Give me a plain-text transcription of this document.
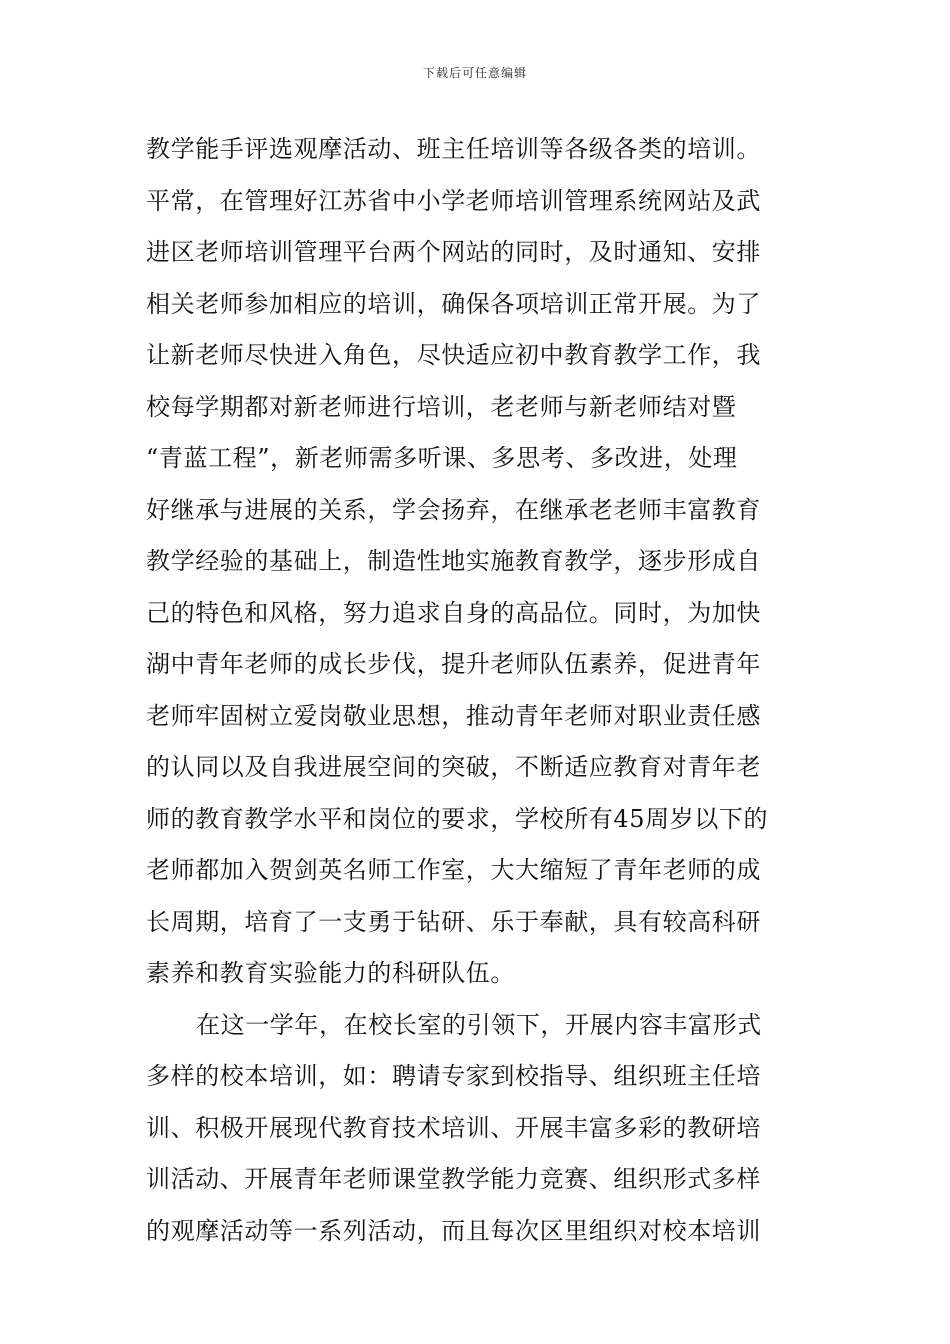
下载后可任意编辑
教学能手评选观摩活动、班主任培训等各级各类的培训。
平常，在管理好江苏省中小学老师培训管理系统网站及武
进区老师培训管理平台两个网站的同时，及时通知、安排
相关老师参加相应的培训，确保各项培训正常开展。为了
让新老师尽快进入角色，尽快适应初中教育教学工作，我
校每学期都对新老师进行培训，老老师与新老师结对暨
“青蓝工程”，新老师需多听课、多思考、多改进，处理
好继承与进展的关系，学会扬弃，在继承老老师丰富教育
教学经验的基础上，制造性地实施教育教学，逐步形成自
己的特色和风格，努力追求自身的高品位。同时，为加快
湖中青年老师的成长步伐，提升老师队伍素养，促进青年
老师牢固树立爱岗敬业思想，推动青年老师对职业责任感
的认同以及自我进展空间的突破，不断适应教育对青年老
师的教育教学水平和岗位的要求，学校所有45周岁以下的
老师都加入贺剑英名师工作室，大大缩短了青年老师的成
长周期，培育了一支勇于钻研、乐于奉献，具有较高科研
素养和教育实验能力的科研队伍。
在这一学年，在校长室的引领下，开展内容丰富形式
多样的校本培训，如：聘请专家到校指导、组织班主任培
训、积极开展现代教育技术培训、开展丰富多彩的教研培
训活动、开展青年老师课堂教学能力竞赛、组织形式多样
的观摩活动等一系列活动，而且每次区里组织对校本培训
